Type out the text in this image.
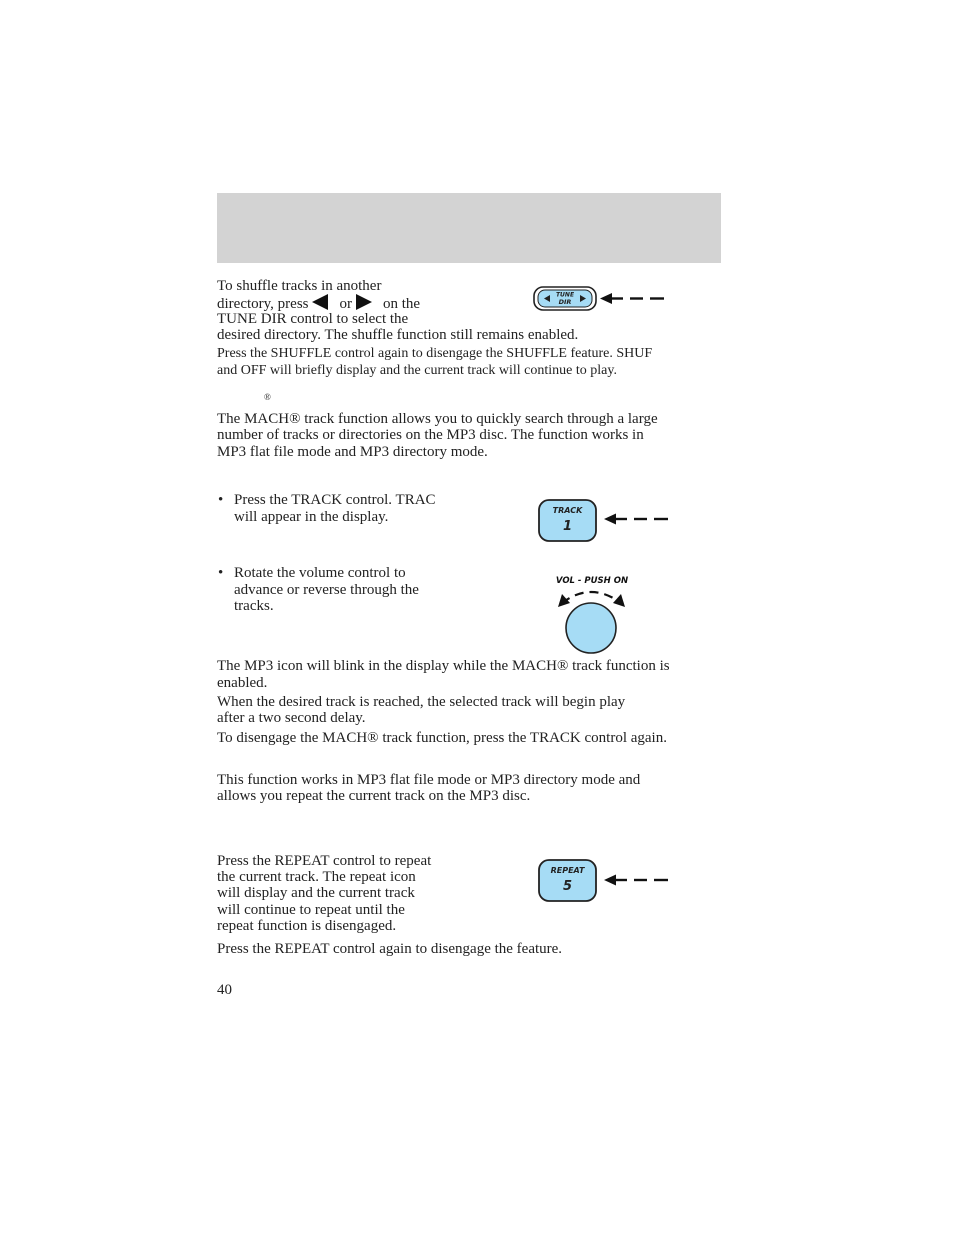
To shuffle tracks in another

directory, press or on the

TUNE DIR control to select the

desired directory. The shuffle function still remains enabled.

Press the SHUFFLE control again to disengage the SHUFFLE feature. SHUF

and OFF will briefly display and the current track will continue to play.

TUNE
DIR
®

The MACH® track function allows you to quickly search through a large

number of tracks or directories on the MP3 disc. The function works in

MP3 flat file mode and MP3 directory mode.

• Press the TRACK control. TRAC

will appear in the display.	TRACK
1
• Rotate the volume control to

advance or reverse through the

tracks.

VOL - PUSH ON

The MP3 icon will blink in the display while the MACH® track function is

enabled.

When the desired track is reached, the selected track will begin play

after a two second delay.

To disengage the MACH® track function, press the TRACK control again.

This function works in MP3 flat file mode or MP3 directory mode and

allows you repeat the current track on the MP3 disc.

Press the REPEAT control to repeat

the current track. The repeat icon

will display and the current track

will continue to repeat until the

repeat function is disengaged.

Press the REPEAT control again to disengage the feature.

REPEAT
5

40
